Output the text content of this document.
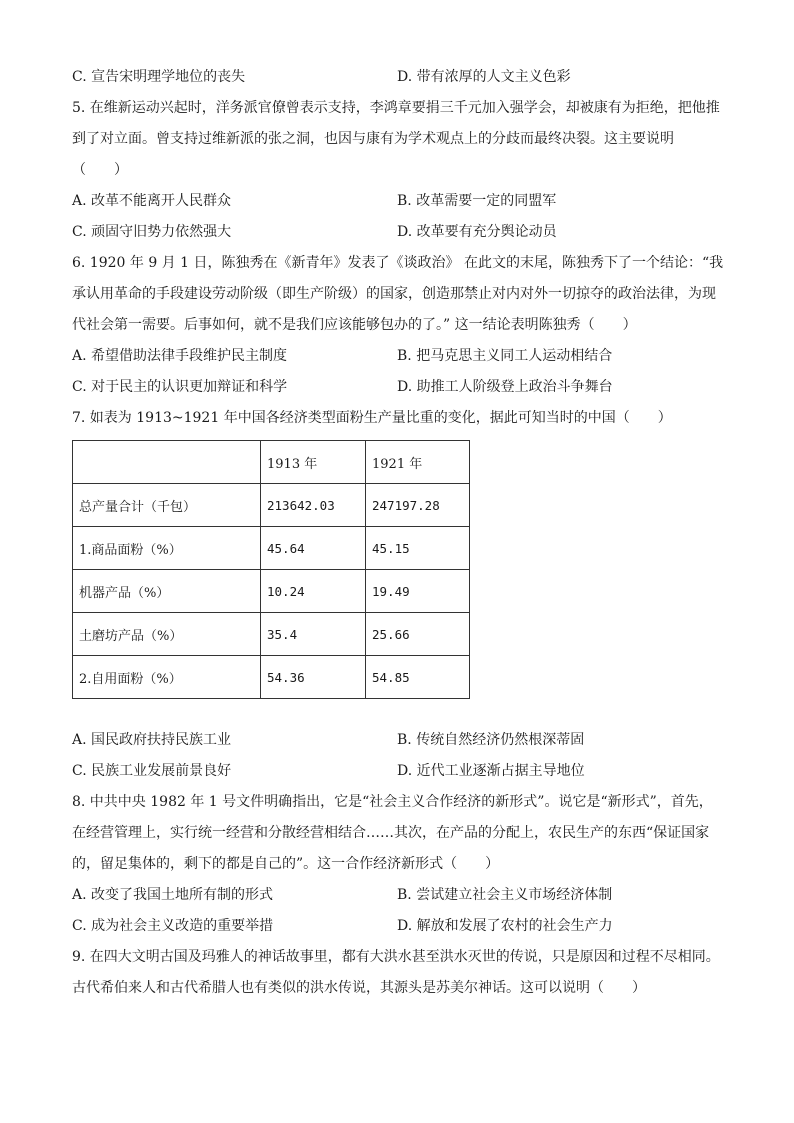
C. 宣告宋明理学地位的丧失	D. 带有浓厚的人文主义色彩
5. 在维新运动兴起时，洋务派官僚曾表示支持，李鸿章要捐三千元加入强学会，却被康有为拒绝，把他推
到了对立面。曾支持过维新派的张之洞，也因与康有为学术观点上的分歧而最终决裂。这主要说明
（　　）
A. 改革不能离开人民群众	B. 改革需要一定的同盟军
C. 顽固守旧势力依然强大	D. 改革要有充分舆论动员
6. 1920 年 9 月 1 日，陈独秀在《新青年》发表了《谈政治》 在此文的末尾，陈独秀下了一个结论：“我
承认用革命的手段建设劳动阶级（即生产阶级）的国家，创造那禁止对内对外一切掠夺的政治法律，为现
代社会第一需要。后事如何，就不是我们应该能够包办的了。” 这一结论表明陈独秀（　　）
A. 希望借助法律手段维护民主制度	B. 把马克思主义同工人运动相结合
C. 对于民主的认识更加辩证和科学	D. 助推工人阶级登上政治斗争舞台
7. 如表为 1913~1921 年中国各经济类型面粉生产量比重的变化，据此可知当时的中国（　　）
	1913 年	1921 年
总产量合计（千包）	213642.03	247197.28
1.商品面粉（%）	45.64	45.15
机器产品（%）	10.24	19.49
土磨坊产品（%）	35.4	25.66
2.自用面粉（%）	54.36	54.85
A. 国民政府扶持民族工业	B. 传统自然经济仍然根深蒂固
C. 民族工业发展前景良好	D. 近代工业逐渐占据主导地位
8. 中共中央 1982 年 1 号文件明确指出，它是“社会主义合作经济的新形式”。说它是“新形式”，首先，
在经营管理上，实行统一经营和分散经营相结合……其次，在产品的分配上，农民生产的东西“保证国家
的，留足集体的，剩下的都是自己的”。这一合作经济新形式（　　）
A. 改变了我国土地所有制的形式	B. 尝试建立社会主义市场经济体制
C. 成为社会主义改造的重要举措	D. 解放和发展了农村的社会生产力
9. 在四大文明古国及玛雅人的神话故事里，都有大洪水甚至洪水灭世的传说，只是原因和过程不尽相同。
古代希伯来人和古代希腊人也有类似的洪水传说，其源头是苏美尔神话。这可以说明（　　）
